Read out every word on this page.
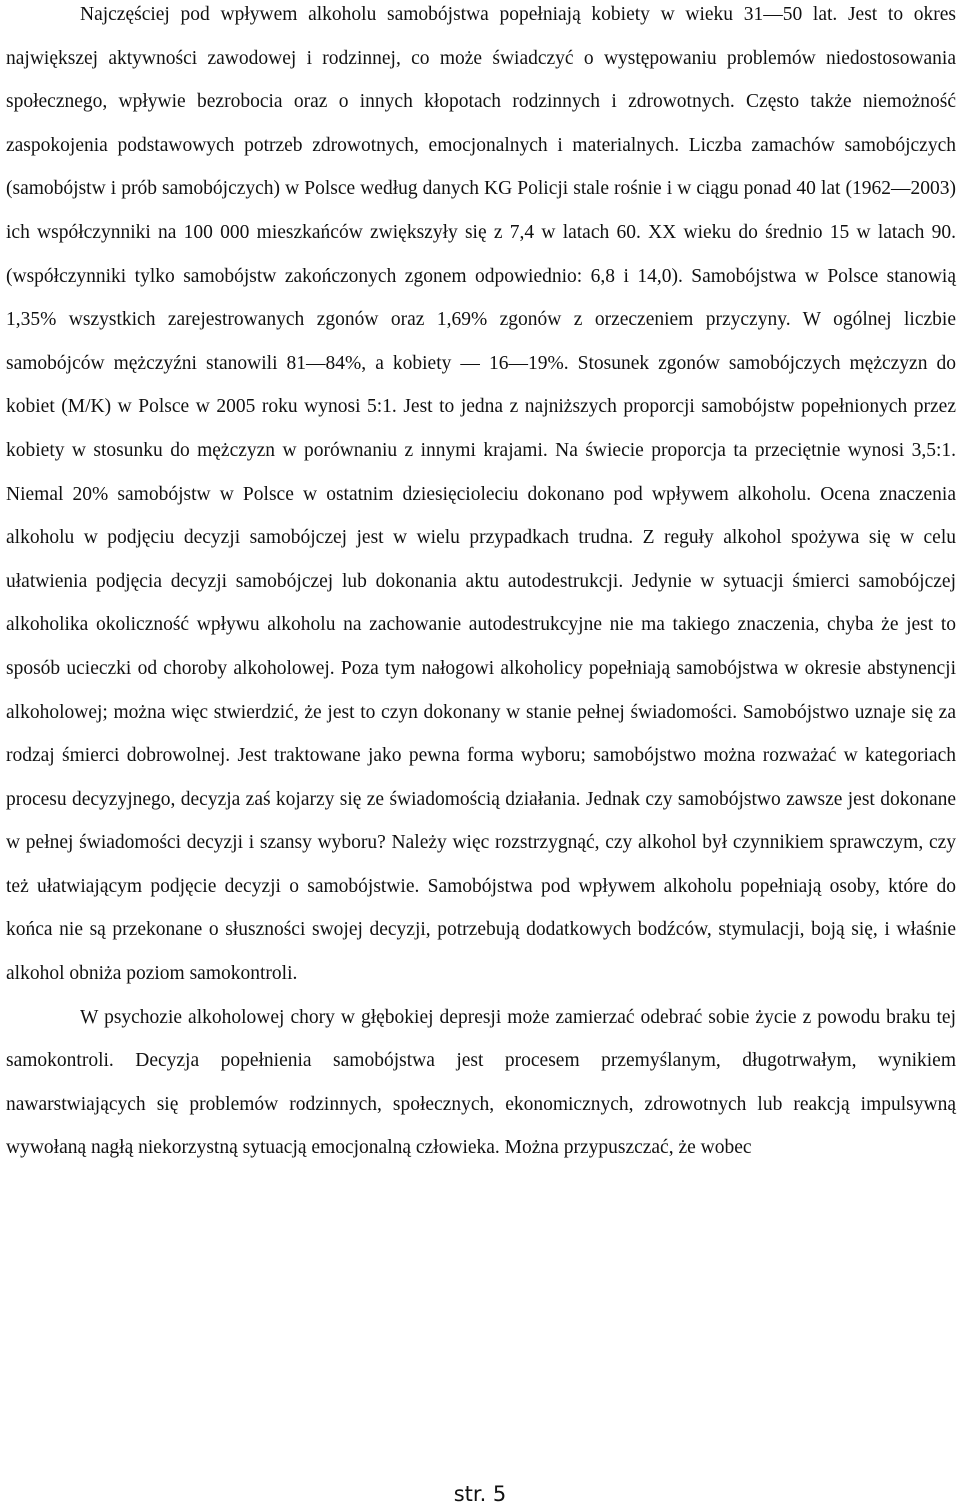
Najczęściej pod wpływem alkoholu samobójstwa popełniają kobiety w wieku 31—50 lat. Jest to okres największej aktywności zawodowej i rodzinnej, co może świadczyć o występowaniu problemów niedostosowania społecznego, wpływie bezrobocia oraz o innych kłopotach rodzinnych i zdrowotnych. Często także niemożność zaspokojenia podstawowych potrzeb zdrowotnych, emocjonalnych i materialnych. Liczba zamachów samobójczych (samobójstw i prób samobójczych) w Polsce według danych KG Policji stale rośnie i w ciągu ponad 40 lat (1962—2003) ich współczynniki na 100 000 mieszkańców zwiększyły się z 7,4 w latach 60. XX wieku do średnio 15 w latach 90. (współczynniki tylko samobójstw zakończonych zgonem odpowiednio: 6,8 i 14,0). Samobójstwa w Polsce stanowią 1,35% wszystkich zarejestrowanych zgonów oraz 1,69% zgonów z orzeczeniem przyczyny. W ogólnej liczbie samobójców mężczyźni stanowili 81—84%, a kobiety — 16—19%. Stosunek zgonów samobójczych mężczyzn do kobiet (M/K) w Polsce w 2005 roku wynosi 5:1. Jest to jedna z najniższych proporcji samobójstw popełnionych przez kobiety w stosunku do mężczyzn w porównaniu z innymi krajami. Na świecie proporcja ta przeciętnie wynosi 3,5:1. Niemal 20% samobójstw w Polsce w ostatnim dziesięcioleciu dokonano pod wpływem alkoholu. Ocena znaczenia alkoholu w podjęciu decyzji samobójczej jest w wielu przypadkach trudna. Z reguły alkohol spożywa się w celu ułatwienia podjęcia decyzji samobójczej lub dokonania aktu autodestrukcji. Jedynie w sytuacji śmierci samobójczej alkoholika okoliczność wpływu alkoholu na zachowanie autodestrukcyjne nie ma takiego znaczenia, chyba że jest to sposób ucieczki od choroby alkoholowej. Poza tym nałogowi alkoholicy popełniają samobójstwa w okresie abstynencji alkoholowej; można więc stwierdzić, że jest to czyn dokonany w stanie pełnej świadomości. Samobójstwo uznaje się za rodzaj śmierci dobrowolnej. Jest traktowane jako pewna forma wyboru; samobójstwo można rozważać w kategoriach procesu decyzyjnego, decyzja zaś kojarzy się ze świadomością działania. Jednak czy samobójstwo zawsze jest dokonane w pełnej świadomości decyzji i szansy wyboru? Należy więc rozstrzygnąć, czy alkohol był czynnikiem sprawczym, czy też ułatwiającym podjęcie decyzji o samobójstwie. Samobójstwa pod wpływem alkoholu popełniają osoby, które do końca nie są przekonane o słuszności swojej decyzji, potrzebują dodatkowych bodźców, stymulacji, boją się, i właśnie alkohol obniża poziom samokontroli.

W psychozie alkoholowej chory w głębokiej depresji może zamierzać odebrać sobie życie z powodu braku tej samokontroli. Decyzja popełnienia samobójstwa jest procesem przemyślanym, długotrwałym, wynikiem nawarstwiających się problemów rodzinnych, społecznych, ekonomicznych, zdrowotnych lub reakcją impulsywną wywołaną nagłą niekorzystną sytuacją emocjonalną człowieka. Można przypuszczać, że wobec

str. 5
